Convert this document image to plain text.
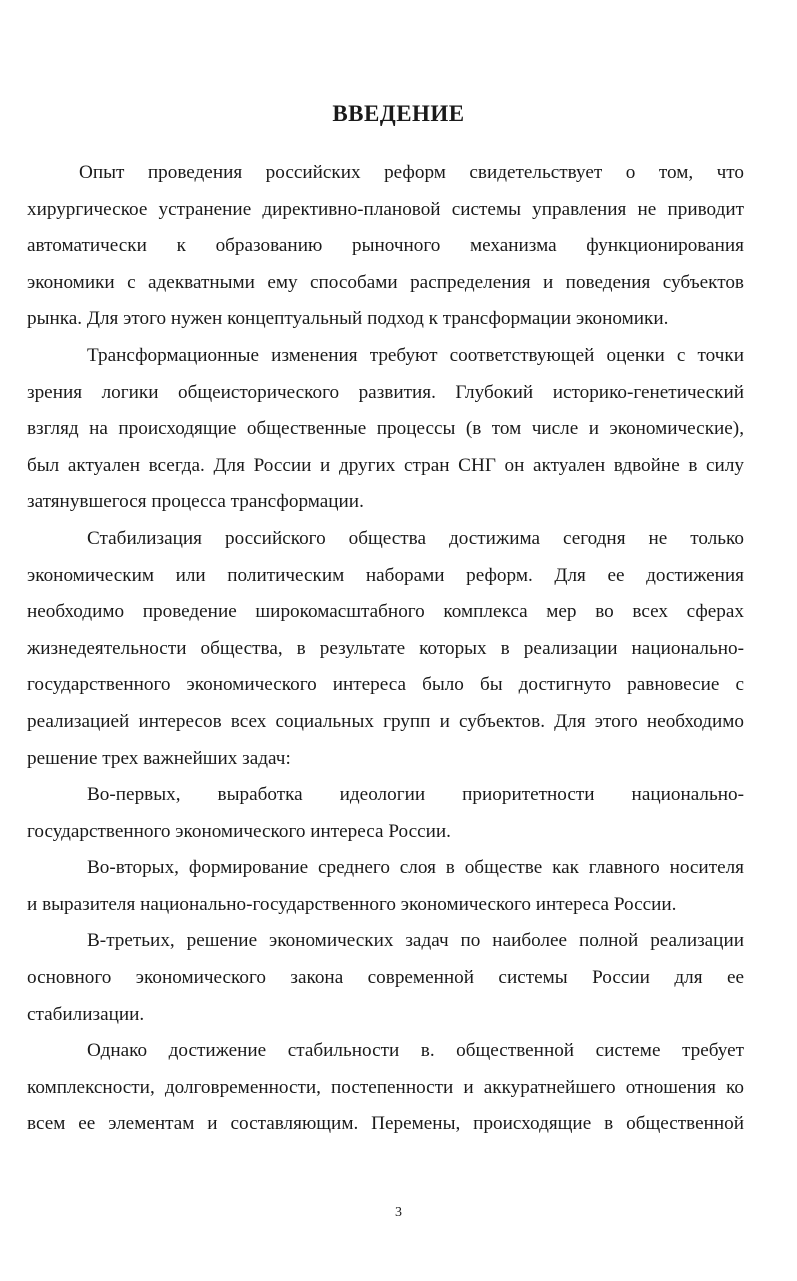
ВВЕДЕНИЕ
Опыт проведения российских реформ свидетельствует о том, что
хирургическое устранение директивно-плановой системы управления не приводит
автоматически к образованию рыночного механизма функционирования
экономики с адекватными ему способами распределения и поведения субъектов
рынка. Для этого нужен концептуальный подход к трансформации экономики.
Трансформационные изменения требуют соответствующей оценки с точки
зрения логики общеисторического развития. Глубокий историко-генетический
взгляд на происходящие общественные процессы (в том числе и экономические),
был актуален всегда. Для России и других стран СНГ он актуален вдвойне в силу
затянувшегося процесса трансформации.
Стабилизация российского общества достижима сегодня не только
экономическим или политическим наборами реформ. Для ее достижения
необходимо проведение широкомасштабного комплекса мер во всех сферах
жизнедеятельности общества, в результате которых в реализации национально-
государственного экономического интереса было бы достигнуто равновесие с
реализацией интересов всех социальных групп и субъектов. Для этого необходимо
решение трех важнейших задач:
Во-первых, выработка идеологии приоритетности национально-
государственного экономического интереса России.
Во-вторых, формирование среднего слоя в обществе как главного носителя
и выразителя национально-государственного экономического интереса России.
В-третьих, решение экономических задач по наиболее полной реализации
основного экономического закона современной системы России для ее
стабилизации.
Однако достижение стабильности в. общественной системе требует
комплексности, долговременности, постепенности и аккуратнейшего отношения ко
всем ее элементам и составляющим. Перемены, происходящие в общественной
3
